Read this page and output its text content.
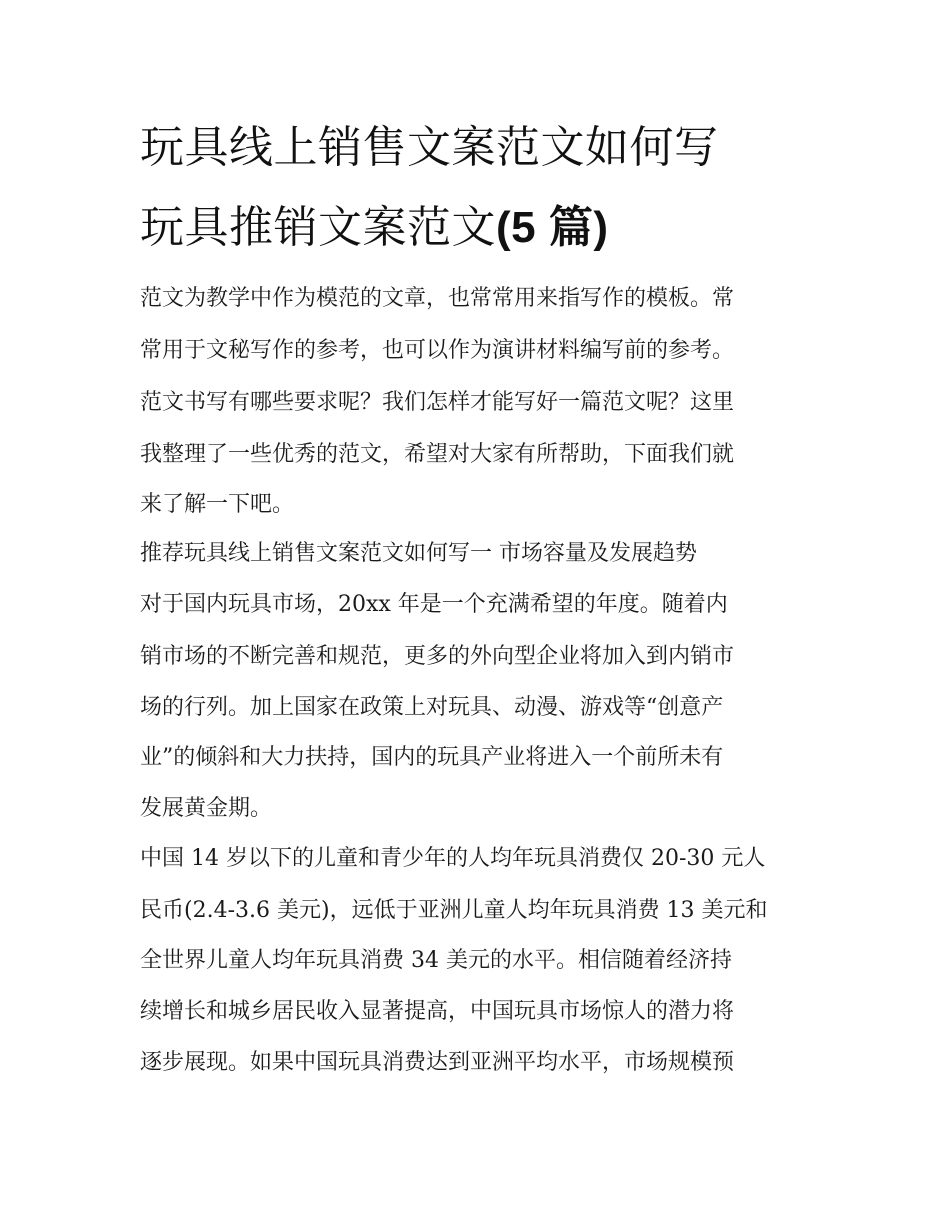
玩具线上销售文案范文如何写
玩具推销文案范文(5 篇)

范文为教学中作为模范的文章，也常常用来指写作的模板。常

常用于文秘写作的参考，也可以作为演讲材料编写前的参考。

范文书写有哪些要求呢？我们怎样才能写好一篇范文呢？这里

我整理了一些优秀的范文，希望对大家有所帮助，下面我们就

来了解一下吧。

推荐玩具线上销售文案范文如何写一 市场容量及发展趋势

对于国内玩具市场，20xx 年是一个充满希望的年度。随着内

销市场的不断完善和规范，更多的外向型企业将加入到内销市

场的行列。加上国家在政策上对玩具、动漫、游戏等“创意产

业”的倾斜和大力扶持，国内的玩具产业将进入一个前所未有

发展黄金期。

中国 14 岁以下的儿童和青少年的人均年玩具消费仅 20-30 元人

民币(2.4-3.6 美元)，远低于亚洲儿童人均年玩具消费 13 美元和

全世界儿童人均年玩具消费 34 美元的水平。相信随着经济持

续增长和城乡居民收入显著提高，中国玩具市场惊人的潜力将

逐步展现。如果中国玩具消费达到亚洲平均水平，市场规模预
